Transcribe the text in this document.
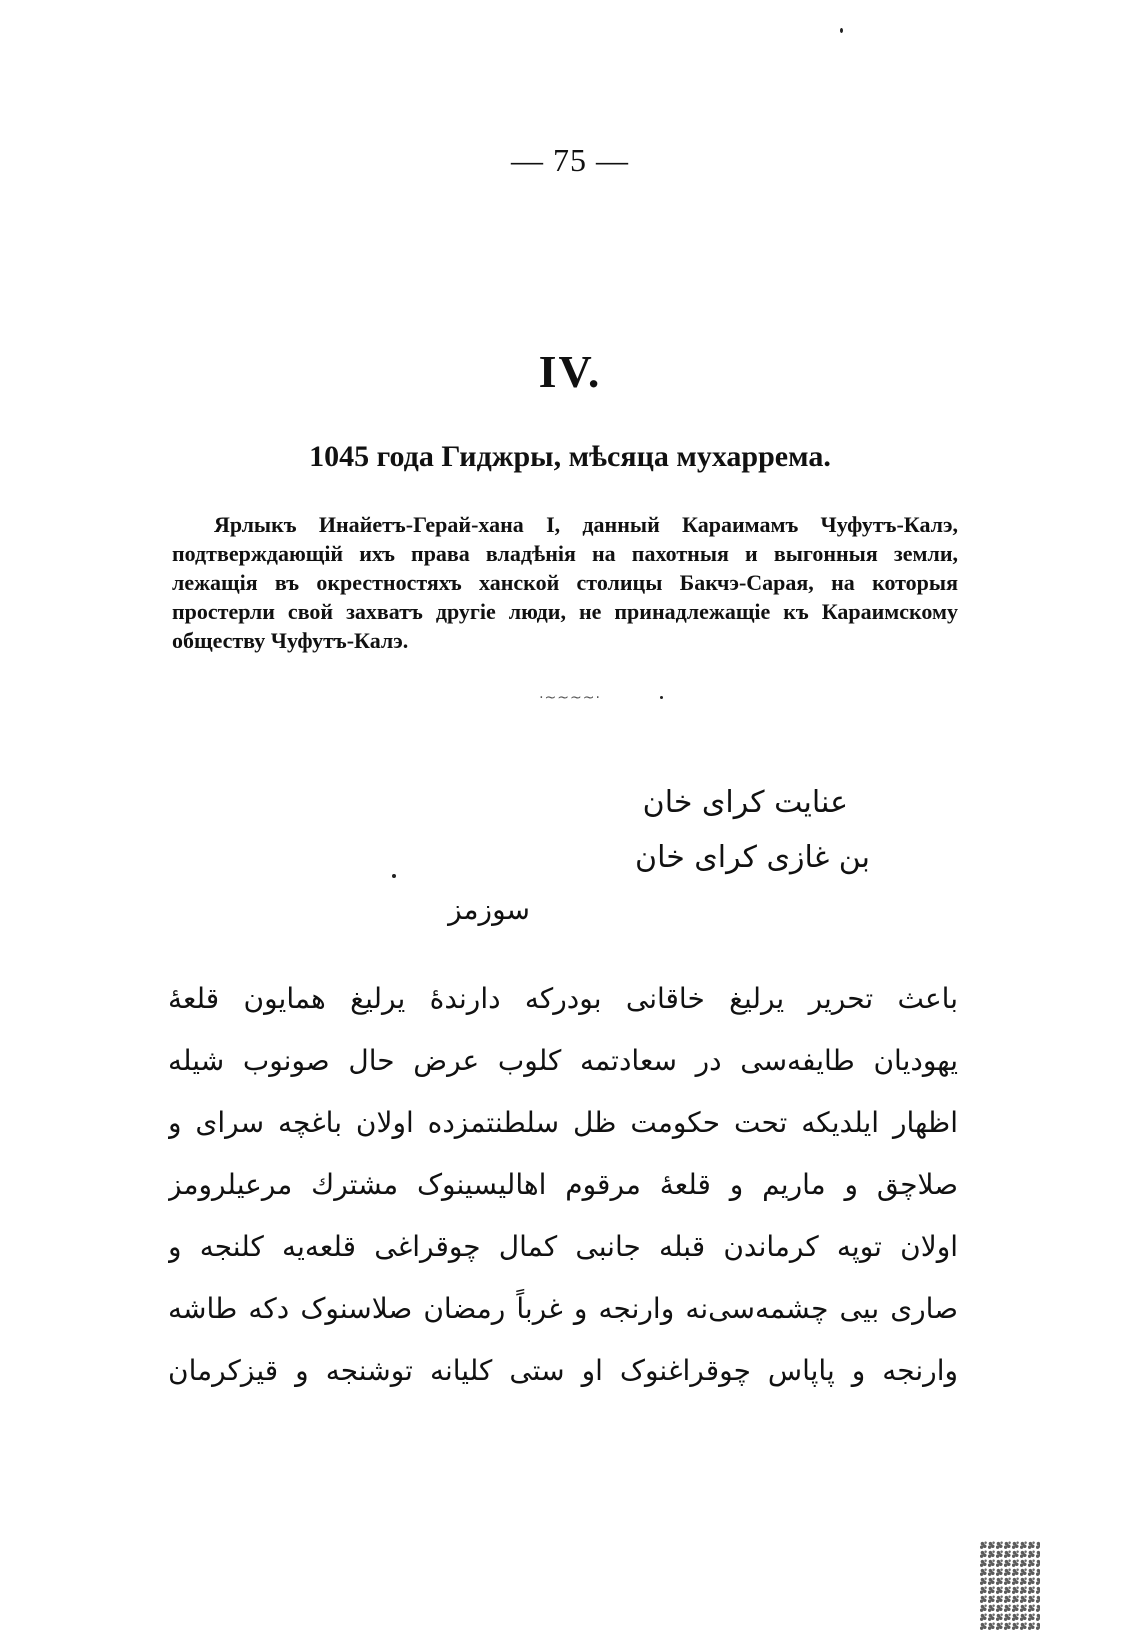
— 75 —
IV.
1045 года Гиджры, мѣсяца мухаррема.
Ярлыкъ Инайетъ-Герай-хана I, данный Караимамъ Чуфутъ-Калэ, подтверждающій ихъ права владѣнія на пахотныя и выгонныя земли, лежащія въ окрестностяхъ ханской столицы Бакчэ-Сарая, на которыя простерли свой захватъ другіе люди, не принадлежащіе къ Караимскому обществу Чуфутъ-Калэ.
·~~~~·
عنايت کرای خان
بن غازی کرای خان
سوزمز
باعث تحریر یرلیغ خاقانی بودرکه دارندهٔ یرلیغ همایون قلعهٔ
یهودیان طایفه‌سی در سعادتمه کلوب عرض حال صونوب شیله
اظهار ایلدیکه تحت حکومت ظل سلطنتمزده اولان باغچه سرای و
صلاچق و ماریم و قلعهٔ مرقوم اهالیسینوک مشترك مرعیلرومز
اولان توپه کرماندن قبله جانبی کمال چوقراغی قلعه‌یه کلنجه و
صاری بیی چشمه‌سی‌نه وارنجه و غرباً رمضان صلاسنوک دکه طاشه
وارنجه و پاپاس چوقراغنوک او ستی کلیانه توشنجه و قیزکرمان
